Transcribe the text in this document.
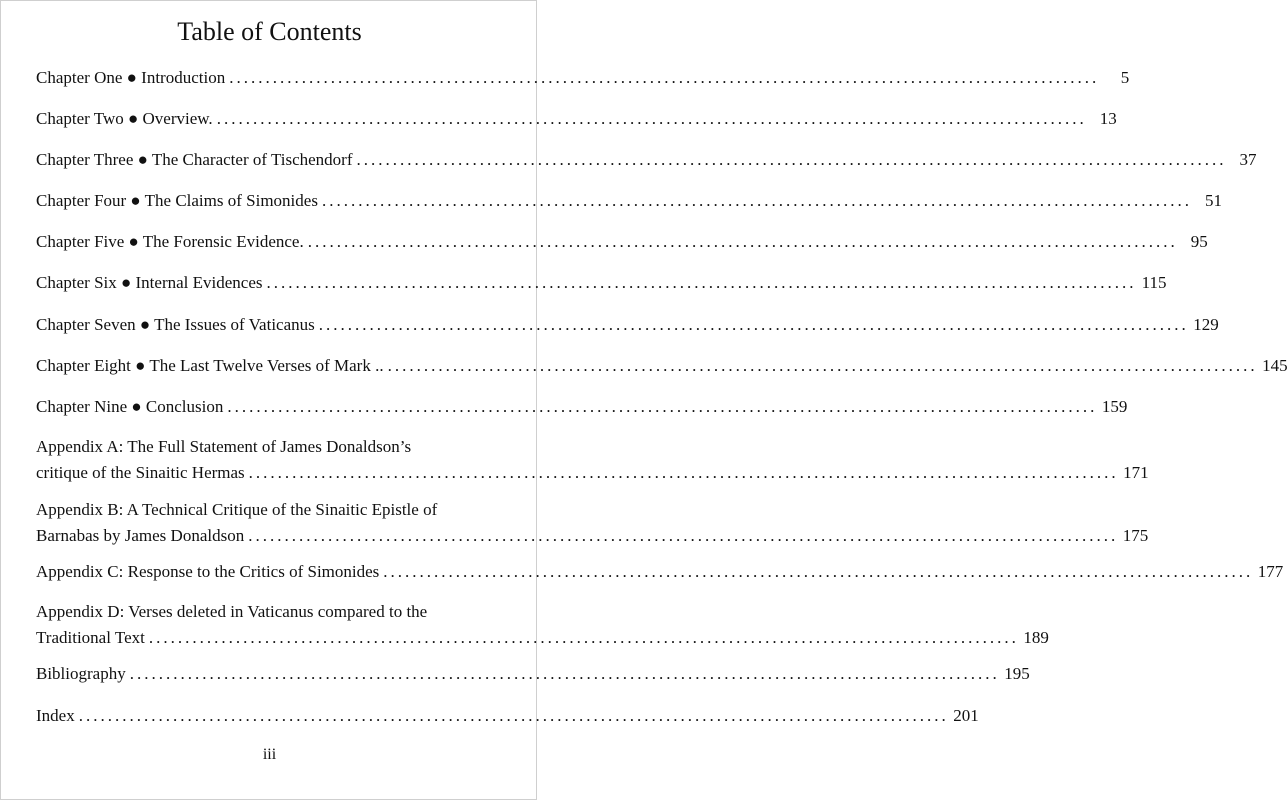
Table of Contents
Chapter One ● Introduction ........................................................................................................................	5
Chapter Two ● Overview. ........................................................................................................................ 13
Chapter Three ● The Character of Tischendorf ........................................................................................................................ 37
Chapter Four ● The Claims of Simonides ........................................................................................................................ 51
Chapter Five ● The Forensic Evidence. ........................................................................................................................ 95
Chapter Six ● Internal Evidences ........................................................................................................................ 115
Chapter Seven ● The Issues of Vaticanus ........................................................................................................................ 129
Chapter Eight ● The Last Twelve Verses of Mark .. ........................................................................................................................ 145
Chapter Nine ● Conclusion ........................................................................................................................ 159
Appendix A: The Full Statement of James Donaldson’s
critique of the Sinaitic Hermas ........................................................................................................................ 171
Appendix B: A Technical Critique of the Sinaitic Epistle of
Barnabas by James Donaldson ........................................................................................................................ 175
Appendix C: Response to the Critics of Simonides ........................................................................................................................ 177
Appendix D: Verses deleted in Vaticanus compared to the
Traditional Text ........................................................................................................................ 189
Bibliography ........................................................................................................................ 195
Index ........................................................................................................................ 201
iii
